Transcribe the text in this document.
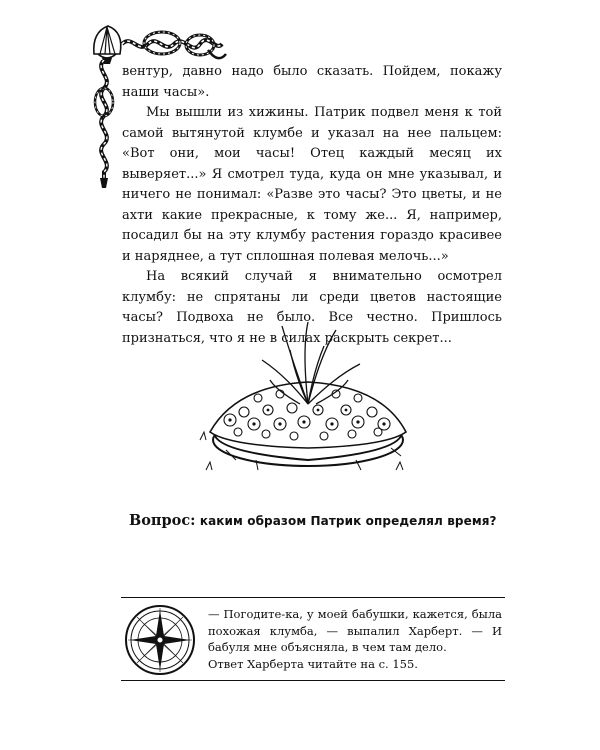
вентур, давно надо было сказать. Пойдем, покажу наши часы».

Мы вышли из хижины. Патрик подвел меня к той самой вытянутой клумбе и указал на нее пальцем: «Вот они, мои часы! Отец каждый месяц их выверяет...» Я смотрел туда, куда он мне указывал, и ничего не понимал: «Разве это часы? Это цветы, и не ахти какие прекрасные, к тому же... Я, например, посадил бы на эту клумбу растения гораздо красивее и наряднее, а тут сплошная полевая мелочь...»

На всякий случай я внимательно осмотрел клумбу: не спрятаны ли среди цветов настоящие часы? Подвоха не было. Все честно. Пришлось признаться, что я не в силах раскрыть секрет...

Вопрос: каким образом Патрик определял время?

— Погодите-ка, у моей бабушки, кажется, была похожая клумба, — выпалил Харберт. — И бабуля мне объясняла, в чем там дело.

Ответ Харберта читайте на с. 155.
